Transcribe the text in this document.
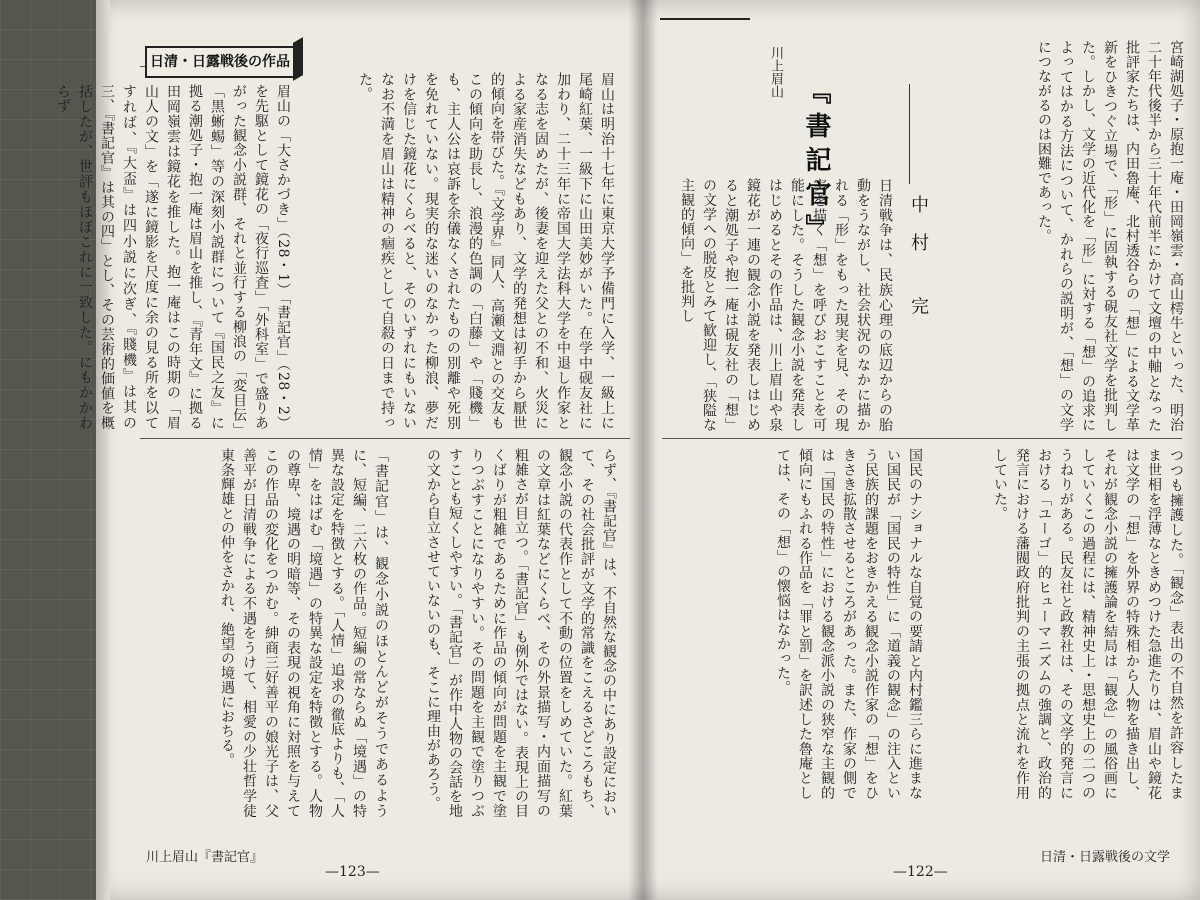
日清・日露戦後の作品
眉山は明治十七年に東京大学予備門に入学、一級上に尾崎紅葉、一級下に山田美妙がいた。在学中砚友社に加わり、二十三年に帝国大学法科大学を中退し作家となる志を固めたが、後妻を迎えた父との不和、火災による家産消失などもあり、文学的発想は初手から厭世的傾向を帯びた。『文学界』同人、高瀬文淵との交友もこの傾向を助長し、浪漫的色調の「白藤」や「賤機」も、主人公は哀訴を余儀なくされたものの別離や死別を免れていない。現実的な迷いのなかった柳浪、夢だけを信じた鏡花にくらべると、そのいずれにもいないなお不満を眉山は精神の痼疾として自殺の日まで持った。
眉山の「大さかづき」（28・1）「書記官」（28・2）を先駆として鏡花の「夜行巡査」「外科室」で盛りあがった観念小説群、それと並行する柳浪の「変目伝」「黒蜥蜴」等の深刻小説群について『国民之友』に拠る潮処子・抱一庵は眉山を推し、『青年文』に拠る田岡嶺雲は鏡花を推した。抱一庵はこの時期の「眉山人の文」を「遂に鏡影を尺度に余の見る所を以てすれば、『大盃』は四小説に次ぎ、『賤機』は其の三、『書記官』は其の四」とし、その芸術的価値を概括したが、世評もほぼこれに一致した。にもかかわらず
らず、『書記官』は、不自然な観念の中にあり設定において、その社会批評が文学的常識をこえるさどころもち、観念小説の代表作として不動の位置をしめていた。紅葉の文章は紅葉などにくらべ、その外景描写・内面描写の粗雑さが目立つ。「書記官」も例外ではない。表現上の目くばりが粗雑であるために作品の傾向が問題を主観で塗りつぶすことになりやすい。その問題を主観で塗りつぶすことも短くしやすい。「書記官」が作中人物の会話を地の文から自立させていないのも、そこに理由があろう。
「書記官」は、観念小説のほとんどがそうであるように、短編、二六枚の作品。短編の常ならぬ「境遇」の特異な設定を特徴とする。「人情」追求の徹底よりも、「人情」をはばむ「境遇」の特異な設定を特徴とする。人物の尊卑、境遇の明暗等、その表現の視角に対照を与えてこの作品の変化をつかむ。紳商三好善平の娘光子は、父善平が日清戦争による不遇をうけて、相愛の少壮哲学徒東条輝雄との仲をさかれ、絶望の境遇におちる。
川上眉山『書記官』
—123—
川上眉山
『書記官』
中村 完	宮崎湖処子・原抱一庵・田岡嶺雲・高山樗牛といった、明治二十年代後半から三十年代前半にかけて文壇の中軸となった批評家たちは、内田魯庵、北村透谷らの「想」による文学革新をひきつぐ立場で、「形」に固執する硯友社文学を批判した。しかし、文学の近代化を「形」に対する「想」の追求によってはかる方法について、かれらの説明が、「想」の文学につながるのは困難であった。
日清戦争は、民族心理の底辺からの胎動をうながし、社会状況のなかに描かれる「形」をもった現実を見、その現実を描く「想」を呼びおこすことを可能にした。そうした観念小説を発表しはじめるとその作品は、川上眉山や泉鏡花が一連の観念小説を発表しはじめると潮処子や抱一庵は硯友社の「想」の文学への脱皮とみて歓迎し、「狭隘な主観的傾向」を批判し
つつも擁護した。「観念」表出の不自然を許容したまま世相を浮薄なときめつけた急進たりは、眉山や鏡花は文学の「想」を外界の特殊相から人物を描き出し、それが観念小説の擁護論を結局は「観念」の風俗画にしていくこの過程には、精神史上・思想史上の二つのうねりがある。民友社と政教社は、その文学的発言における「ユーゴ」的ヒューマニズムの強調と、政治的発言における藩閥政府批判の主張の拠点と流れを作用していた。
国民のナショナルな自覚の要請と内村鑑三らに進まない国民が「国民の特性」に「道義の観念」の注入という民族的課題をおきかえる観念小説作家の「想」をひきさき拡散させるところがあった。また、作家の側では「国民の特性」における観念派小説の狭窄な主観的傾向にもふれる作品を「罪と罰」を訳述した魯庵としては、その「想」の懐悩はなかった。
日清・日露戦後の文学
—122—
